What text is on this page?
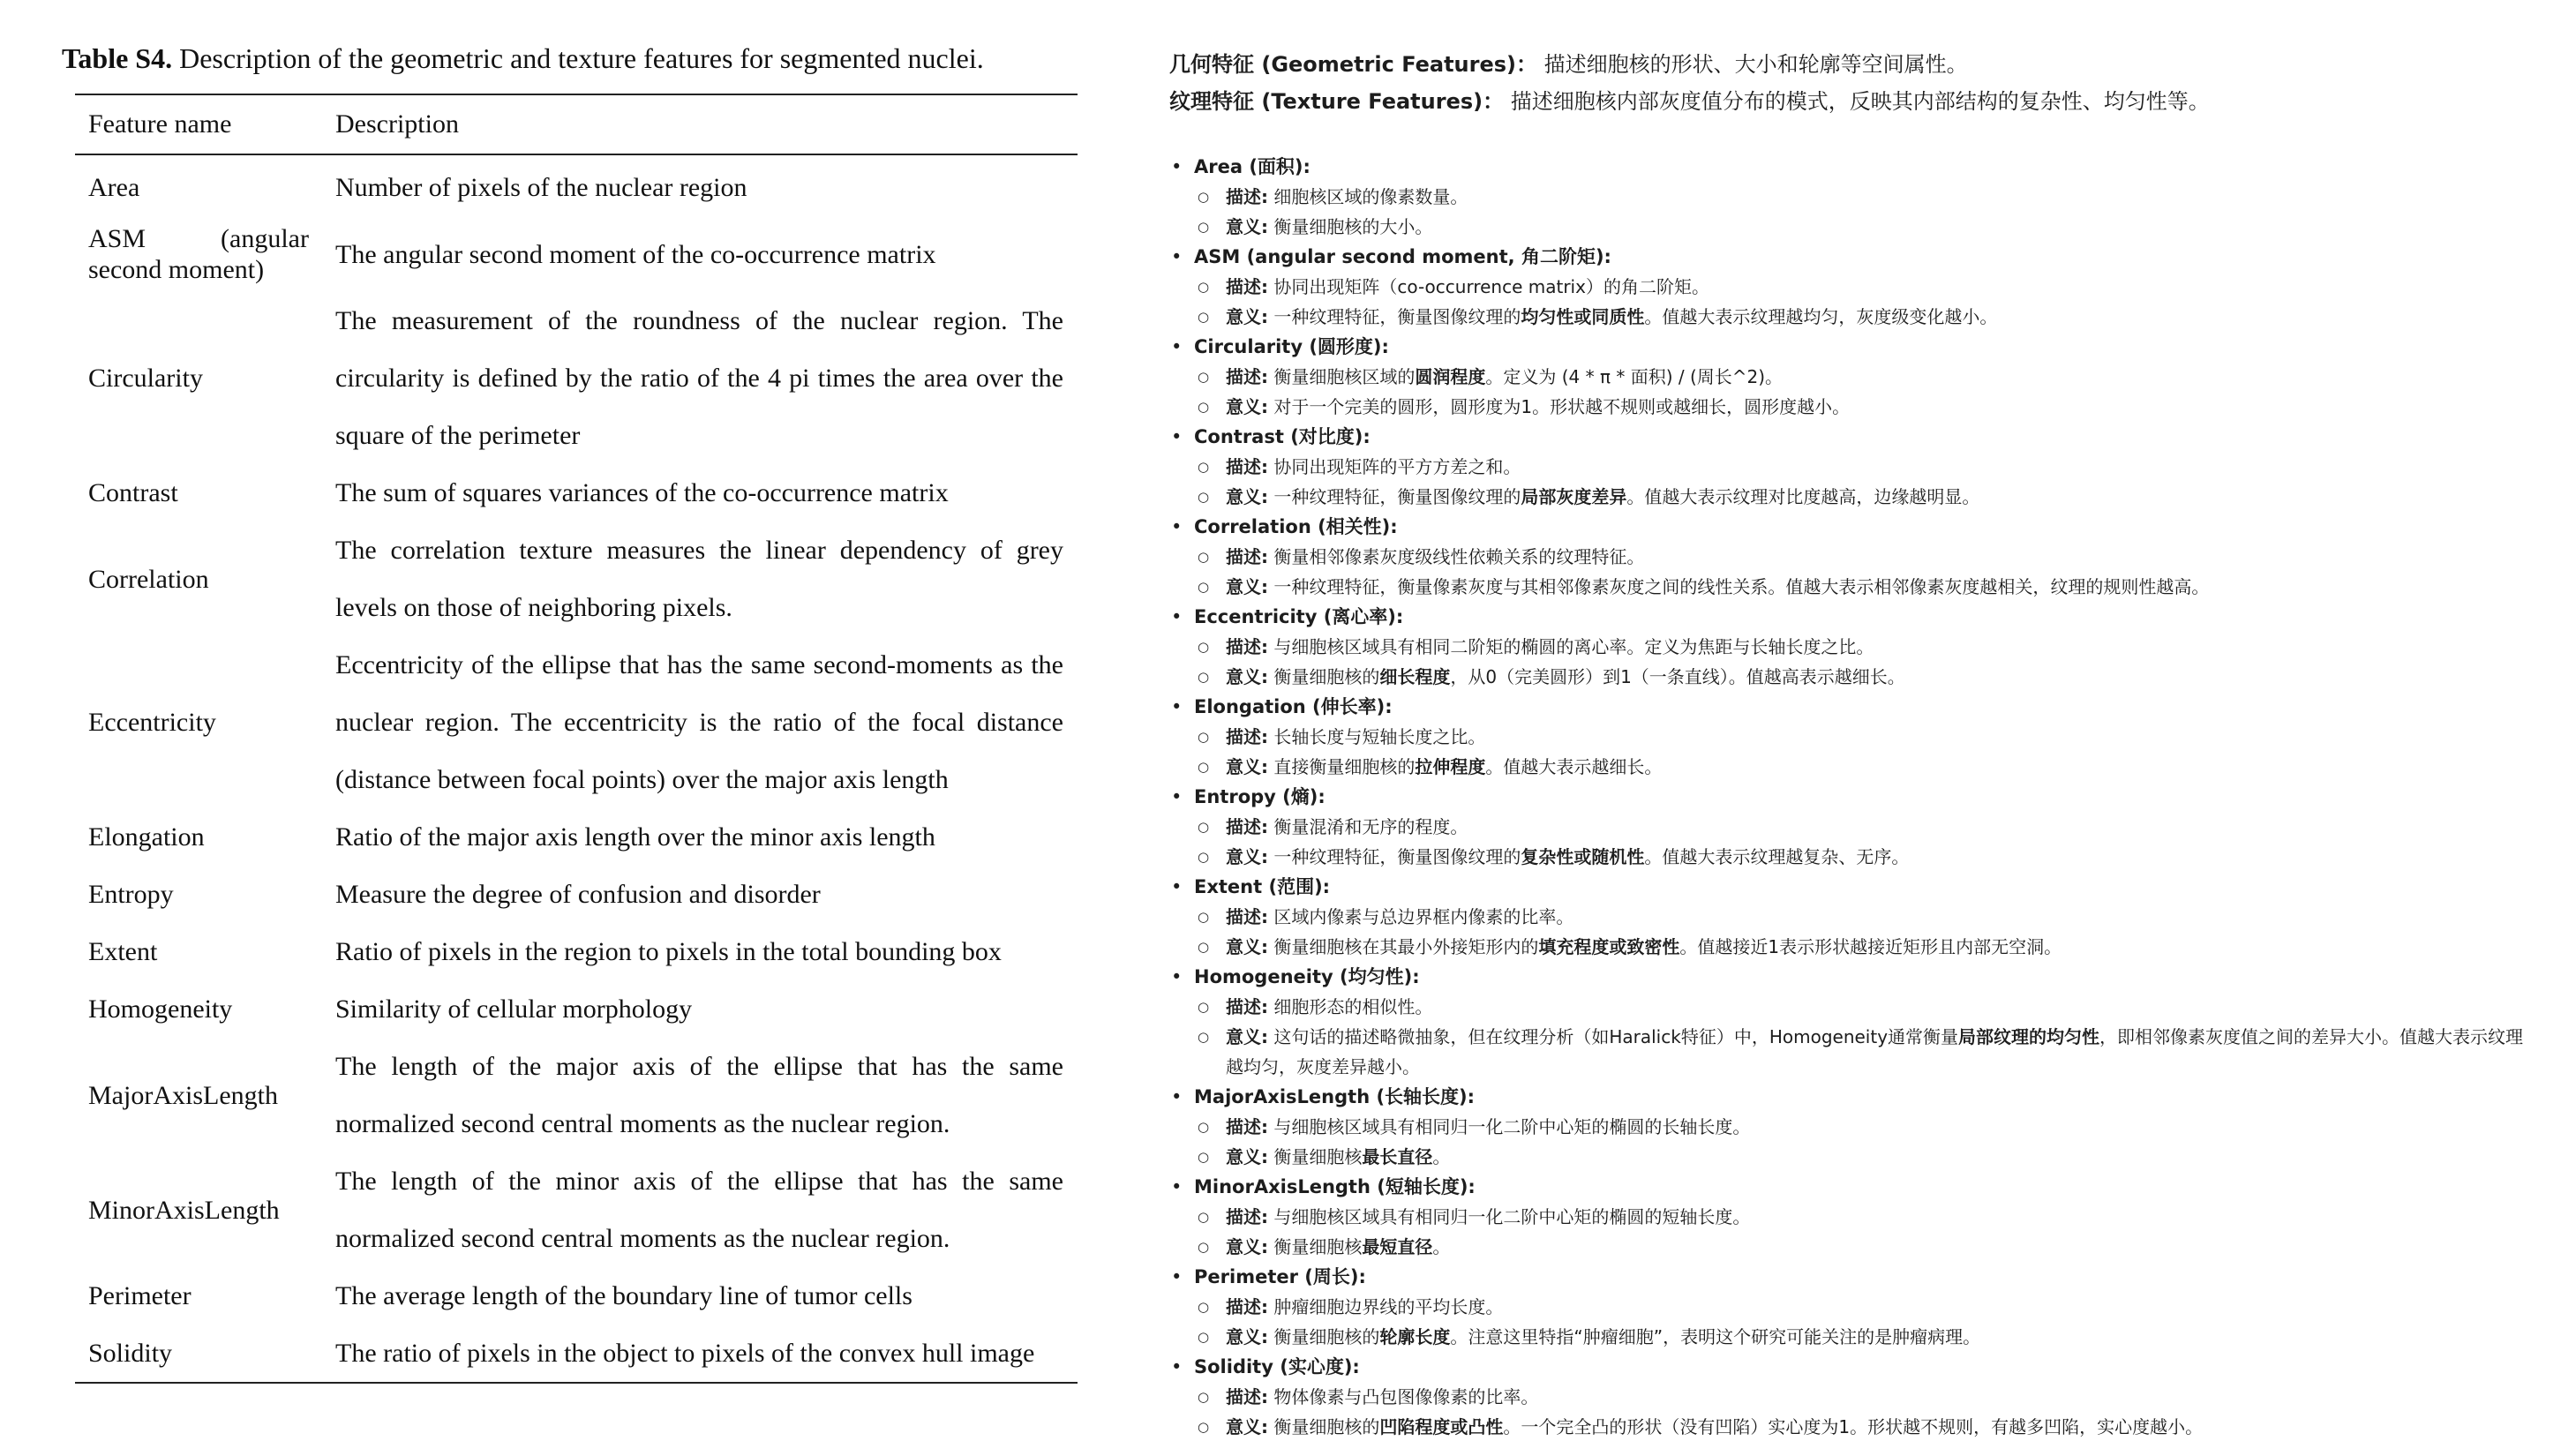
Table S4. Description of the geometric and texture features for segmented nuclei.
Feature name	Description
Area	Number of pixels of the nuclear region
ASM (angular second moment)	The angular second moment of the co-occurrence matrix
Circularity	The measurement of the roundness of the nuclear region. The circularity is defined by the ratio of the 4 pi times the area over the square of the perimeter
Contrast	The sum of squares variances of the co-occurrence matrix
Correlation	The correlation texture measures the linear dependency of grey levels on those of neighboring pixels.
Eccentricity	Eccentricity of the ellipse that has the same second-moments as the nuclear region. The eccentricity is the ratio of the focal distance (distance between focal points) over the major axis length
Elongation	Ratio of the major axis length over the minor axis length
Entropy	Measure the degree of confusion and disorder
Extent	Ratio of pixels in the region to pixels in the total bounding box
Homogeneity	Similarity of cellular morphology
MajorAxisLength	The length of the major axis of the ellipse that has the same normalized second central moments as the nuclear region.
MinorAxisLength	The length of the minor axis of the ellipse that has the same normalized second central moments as the nuclear region.
Perimeter	The average length of the boundary line of tumor cells
Solidity	The ratio of pixels in the object to pixels of the convex hull image
几何特征 (Geometric Features)： 描述细胞核的形状、大小和轮廓等空间属性。
纹理特征 (Texture Features)： 描述细胞核内部灰度值分布的模式，反映其内部结构的复杂性、均匀性等。
• Area (面积):
○ 描述: 细胞核区域的像素数量。
○ 意义: 衡量细胞核的大小。
• ASM (angular second moment, 角二阶矩):
○ 描述: 协同出现矩阵（co-occurrence matrix）的角二阶矩。
○ 意义: 一种纹理特征，衡量图像纹理的均匀性或同质性。值越大表示纹理越均匀，灰度级变化越小。
• Circularity (圆形度):
○ 描述: 衡量细胞核区域的圆润程度。定义为 (4 * π * 面积) / (周长^2)。
○ 意义: 对于一个完美的圆形，圆形度为1。形状越不规则或越细长，圆形度越小。
• Contrast (对比度):
○ 描述: 协同出现矩阵的平方方差之和。
○ 意义: 一种纹理特征，衡量图像纹理的局部灰度差异。值越大表示纹理对比度越高，边缘越明显。
• Correlation (相关性):
○ 描述: 衡量相邻像素灰度级线性依赖关系的纹理特征。
○ 意义: 一种纹理特征，衡量像素灰度与其相邻像素灰度之间的线性关系。值越大表示相邻像素灰度越相关，纹理的规则性越高。
• Eccentricity (离心率):
○ 描述: 与细胞核区域具有相同二阶矩的椭圆的离心率。定义为焦距与长轴长度之比。
○ 意义: 衡量细胞核的细长程度，从0（完美圆形）到1（一条直线）。值越高表示越细长。
• Elongation (伸长率):
○ 描述: 长轴长度与短轴长度之比。
○ 意义: 直接衡量细胞核的拉伸程度。值越大表示越细长。
• Entropy (熵):
○ 描述: 衡量混淆和无序的程度。
○ 意义: 一种纹理特征，衡量图像纹理的复杂性或随机性。值越大表示纹理越复杂、无序。
• Extent (范围):
○ 描述: 区域内像素与总边界框内像素的比率。
○ 意义: 衡量细胞核在其最小外接矩形内的填充程度或致密性。值越接近1表示形状越接近矩形且内部无空洞。
• Homogeneity (均匀性):
○ 描述: 细胞形态的相似性。
○ 意义: 这句话的描述略微抽象，但在纹理分析（如Haralick特征）中，Homogeneity通常衡量局部纹理的均匀性，即相邻像素灰度值之间的差异大小。值越大表示纹理越均匀，灰度差异越小。
• MajorAxisLength (长轴长度):
○ 描述: 与细胞核区域具有相同归一化二阶中心矩的椭圆的长轴长度。
○ 意义: 衡量细胞核最长直径。
• MinorAxisLength (短轴长度):
○ 描述: 与细胞核区域具有相同归一化二阶中心矩的椭圆的短轴长度。
○ 意义: 衡量细胞核最短直径。
• Perimeter (周长):
○ 描述: 肿瘤细胞边界线的平均长度。
○ 意义: 衡量细胞核的轮廓长度。注意这里特指“肿瘤细胞”，表明这个研究可能关注的是肿瘤病理。
• Solidity (实心度):
○ 描述: 物体像素与凸包图像像素的比率。
○ 意义: 衡量细胞核的凹陷程度或凸性。一个完全凸的形状（没有凹陷）实心度为1。形状越不规则，有越多凹陷，实心度越小。
